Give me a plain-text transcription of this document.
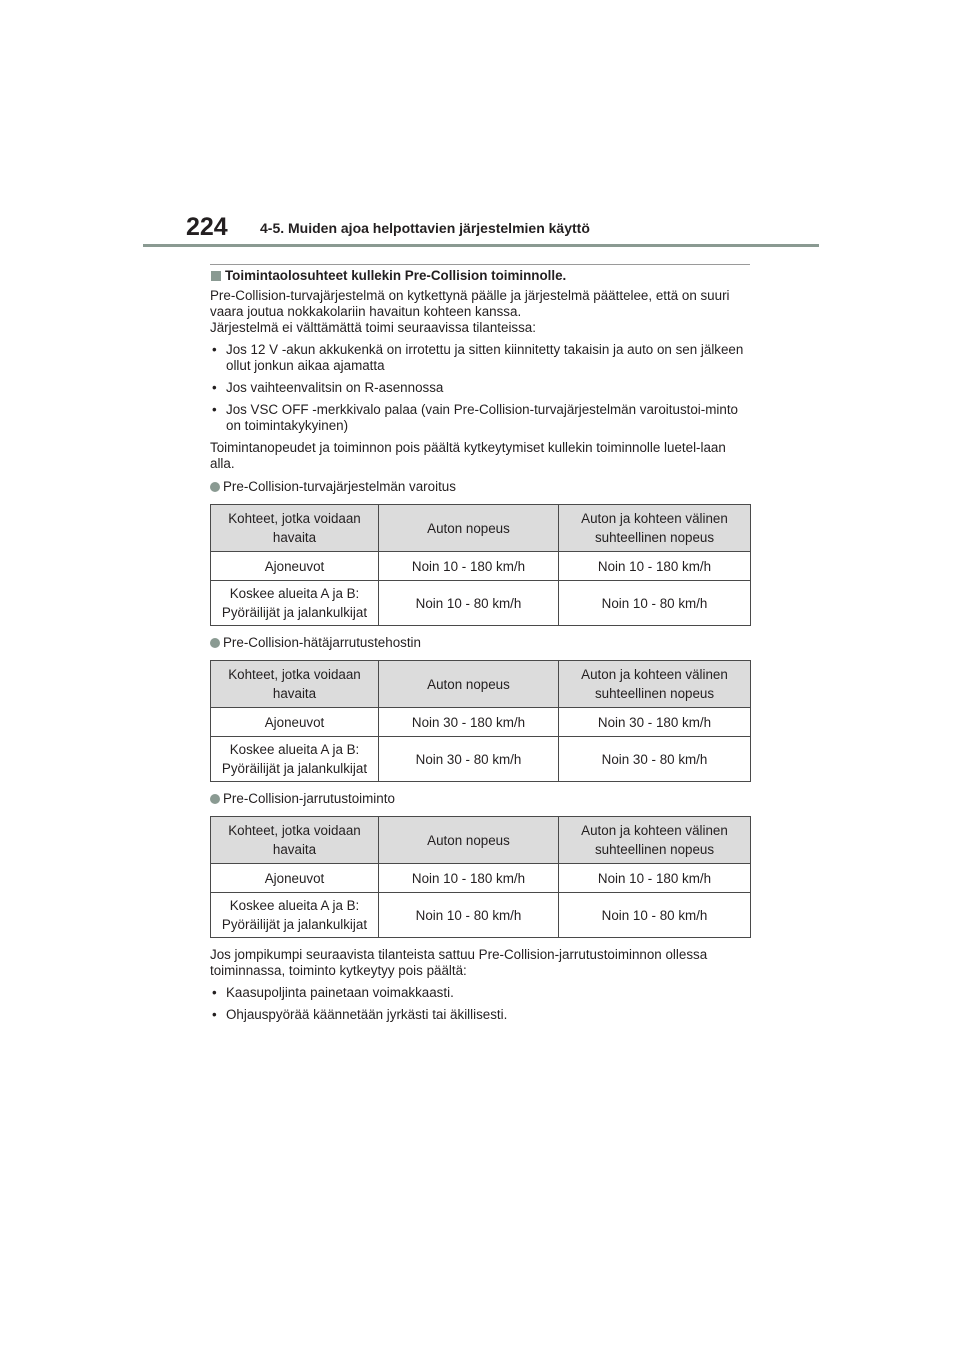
224 4-5. Muiden ajoa helpottavien järjestelmien käyttö
Toimintaolosuhteet kullekin Pre-Collision toiminnolle.

Pre-Collision-turvajärjestelmä on kytkettynä päälle ja järjestelmä päättelee, että on suuri vaara joutua nokkakolariin havaitun kohteen kanssa.

Järjestelmä ei välttämättä toimi seuraavissa tilanteissa:

• Jos 12 V -akun akkukenkä on irrotettu ja sitten kiinnitetty takaisin ja auto on sen jälkeen ollut jonkun aikaa ajamatta
• Jos vaihteenvalitsin on R-asennossa
• Jos VSC OFF -merkkivalo palaa (vain Pre-Collision-turvajärjestelmän varoitustoi-minto on toimintakykyinen)

Toimintanopeudet ja toiminnon pois päältä kytkeytymiset kullekin toiminnolle luetel-laan alla.

Pre-Collision-turvajärjestelmän varoitus
Kohteet, jotka voidaan havaita	Auton nopeus	Auton ja kohteen välinen suhteellinen nopeus
Ajoneuvot	Noin 10 - 180 km/h	Noin 10 - 180 km/h
Koskee alueita A ja B: Pyöräilijät ja jalankulkijat	Noin 10 - 80 km/h	Noin 10 - 80 km/h
Pre-Collision-hätäjarrutustehostin
Kohteet, jotka voidaan havaita	Auton nopeus	Auton ja kohteen välinen suhteellinen nopeus
Ajoneuvot	Noin 30 - 180 km/h	Noin 30 - 180 km/h
Koskee alueita A ja B: Pyöräilijät ja jalankulkijat	Noin 30 - 80 km/h	Noin 30 - 80 km/h
Pre-Collision-jarrutustoiminto
Kohteet, jotka voidaan havaita	Auton nopeus	Auton ja kohteen välinen suhteellinen nopeus
Ajoneuvot	Noin 10 - 180 km/h	Noin 10 - 180 km/h
Koskee alueita A ja B: Pyöräilijät ja jalankulkijat	Noin 10 - 80 km/h	Noin 10 - 80 km/h

Jos jompikumpi seuraavista tilanteista sattuu Pre-Collision-jarrutustoiminnon ollessa toiminnassa, toiminto kytkeytyy pois päältä:

• Kaasupoljinta painetaan voimakkaasti.
• Ohjauspyörää käännetään jyrkästi tai äkillisesti.
